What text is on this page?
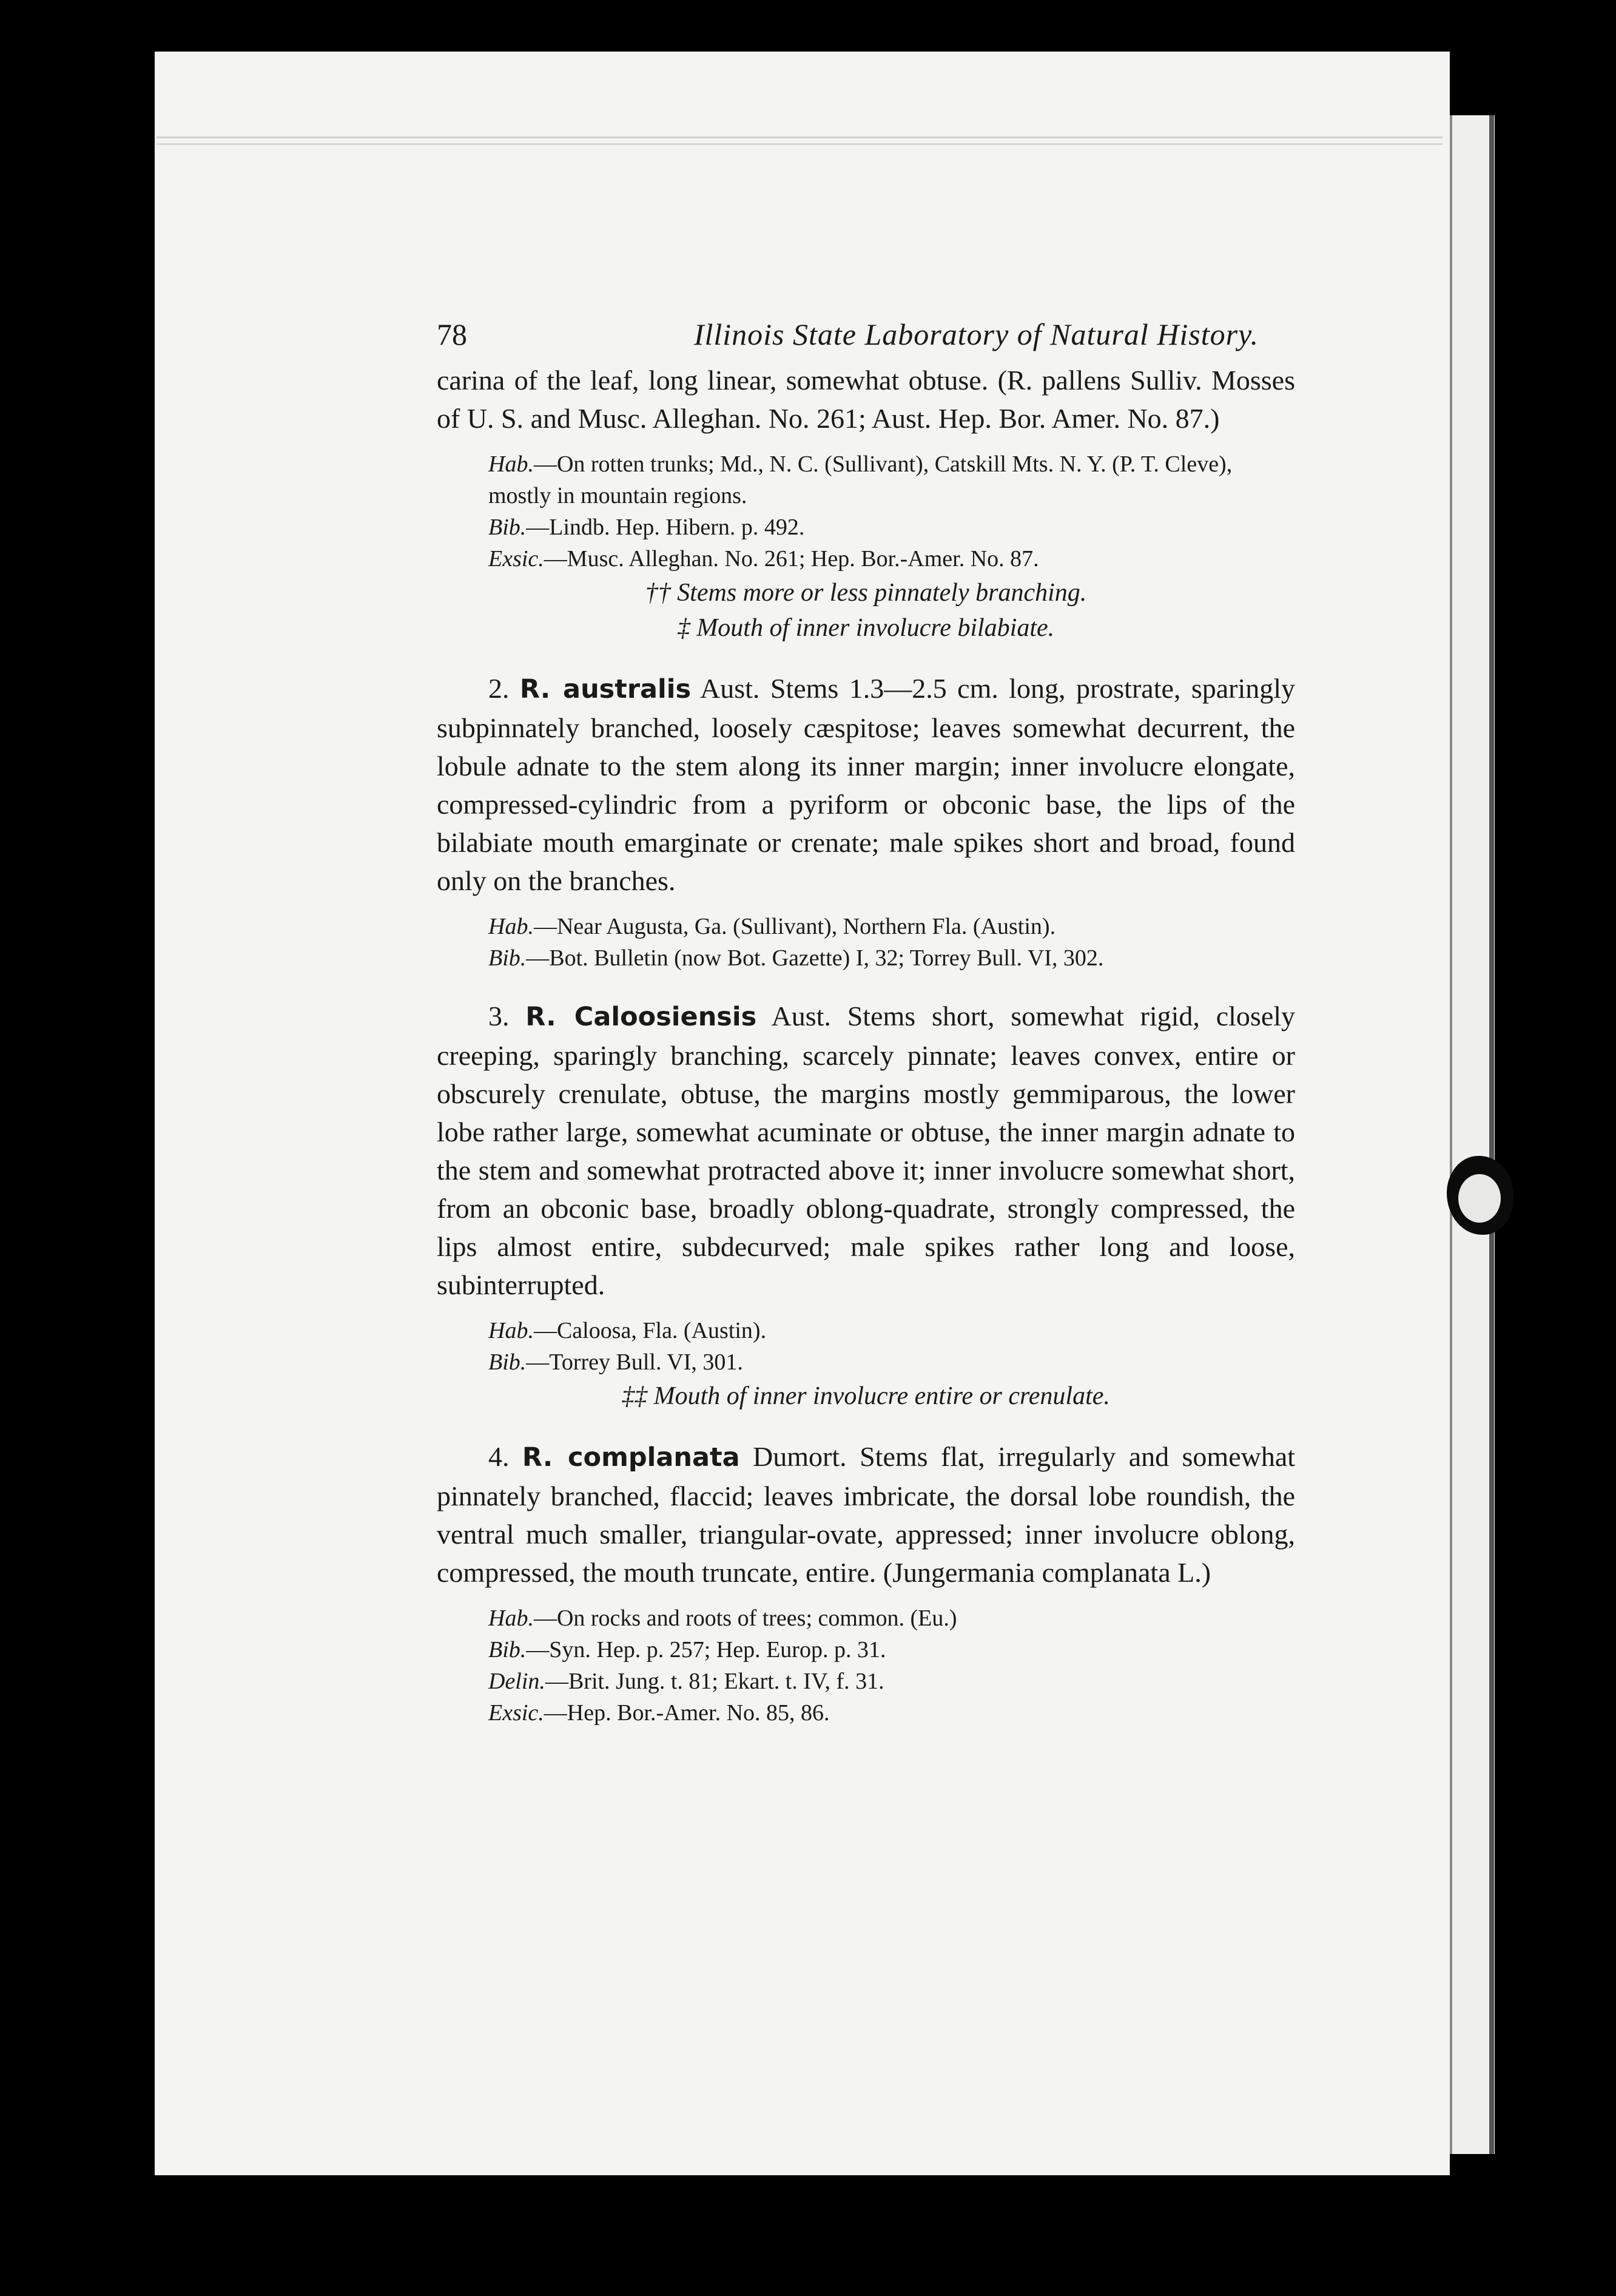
78	Illinois State Laboratory of Natural History.

carina of the leaf, long linear, somewhat obtuse. (R. pallens Sulliv. Mosses of U. S. and Musc. Alleghan. No. 261; Aust. Hep. Bor. Amer. No. 87.)

Hab.—On rotten trunks; Md., N. C. (Sullivant), Catskill Mts. N. Y. (P. T. Cleve), mostly in mountain regions.

Bib.—Lindb. Hep. Hibern. p. 492.

Exsic.—Musc. Alleghan. No. 261; Hep. Bor.-Amer. No. 87.

†† Stems more or less pinnately branching.

‡ Mouth of inner involucre bilabiate.

2. R. australis Aust. Stems 1.3—2.5 cm. long, prostrate, sparingly subpinnately branched, loosely cæspitose; leaves somewhat decurrent, the lobule adnate to the stem along its inner margin; inner involucre elongate, compressed-cylindric from a pyriform or obconic base, the lips of the bilabiate mouth emarginate or crenate; male spikes short and broad, found only on the branches.

Hab.—Near Augusta, Ga. (Sullivant), Northern Fla. (Austin).

Bib.—Bot. Bulletin (now Bot. Gazette) I, 32; Torrey Bull. VI, 302.

3. R. Caloosiensis Aust. Stems short, somewhat rigid, closely creeping, sparingly branching, scarcely pinnate; leaves convex, entire or obscurely crenulate, obtuse, the margins mostly gemmiparous, the lower lobe rather large, somewhat acuminate or obtuse, the inner margin adnate to the stem and somewhat protracted above it; inner involucre somewhat short, from an obconic base, broadly oblong-quadrate, strongly compressed, the lips almost entire, subdecurved; male spikes rather long and loose, subinterrupted.

Hab.—Caloosa, Fla. (Austin).

Bib.—Torrey Bull. VI, 301.

‡‡ Mouth of inner involucre entire or crenulate.

4. R. complanata Dumort. Stems flat, irregularly and somewhat pinnately branched, flaccid; leaves imbricate, the dorsal lobe roundish, the ventral much smaller, triangular-ovate, appressed; inner involucre oblong, compressed, the mouth truncate, entire. (Jungermania complanata L.)

Hab.—On rocks and roots of trees; common. (Eu.)

Bib.—Syn. Hep. p. 257; Hep. Europ. p. 31.

Delin.—Brit. Jung. t. 81; Ekart. t. IV, f. 31.

Exsic.—Hep. Bor.-Amer. No. 85, 86.
